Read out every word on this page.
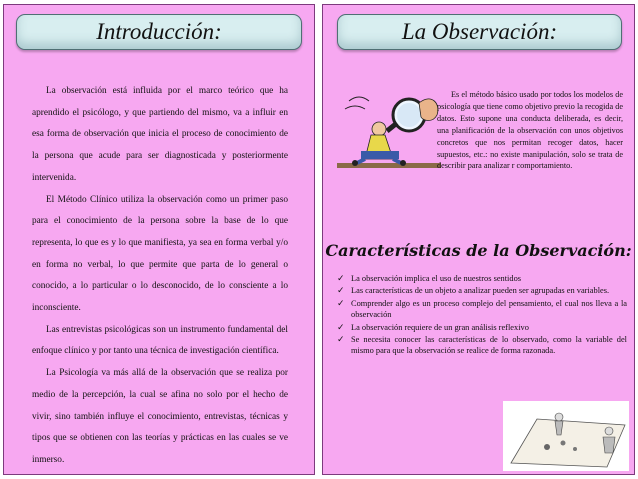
Introducción:

La observación está influida por el marco teórico que ha aprendido el psicólogo, y que partiendo del mismo, va a influir en esa forma de observación que inicia el proceso de conocimiento de la persona que acude para ser diagnosticada y posteriormente intervenida.

El Método Clínico utiliza la observación como un primer paso para el conocimiento de la persona sobre la base de lo que representa, lo que es y lo que manifiesta, ya sea en forma verbal y/o en forma no verbal, lo que permite que parta de lo general o conocido, a lo particular o lo desconocido, de lo consciente a lo inconsciente.

Las entrevistas psicológicas son un instrumento fundamental del enfoque clínico y por tanto una técnica de investigación científica.

La Psicología va más allá de la observación que se realiza por medio de la percepción, la cual se afina no solo por el hecho de vivir, sino también influye el conocimiento, entrevistas, técnicas y tipos que se obtienen con las teorías y prácticas en las cuales se ve inmerso.

La Observación:

Es el método básico usado por todos los modelos de psicología que tiene como objetivo previo la recogida de datos. Esto supone una conducta deliberada, es decir, una planificación de la observación con unos objetivos concretos que nos permitan recoger datos, hacer supuestos, etc.: no existe manipulación, solo se trata de describir para analizar r comportamiento.

Características de la Observación:
✓ La observación implica el uso de nuestros sentidos
✓ Las características de un objeto a analizar pueden ser agrupadas en variables.
✓ Comprender algo es un proceso complejo del pensamiento, el cual nos lleva a la observación
✓ La observación requiere de un gran análisis reflexivo
✓ Se necesita conocer las características de lo observado, como la variable del mismo para que la observación se realice de forma razonada.
